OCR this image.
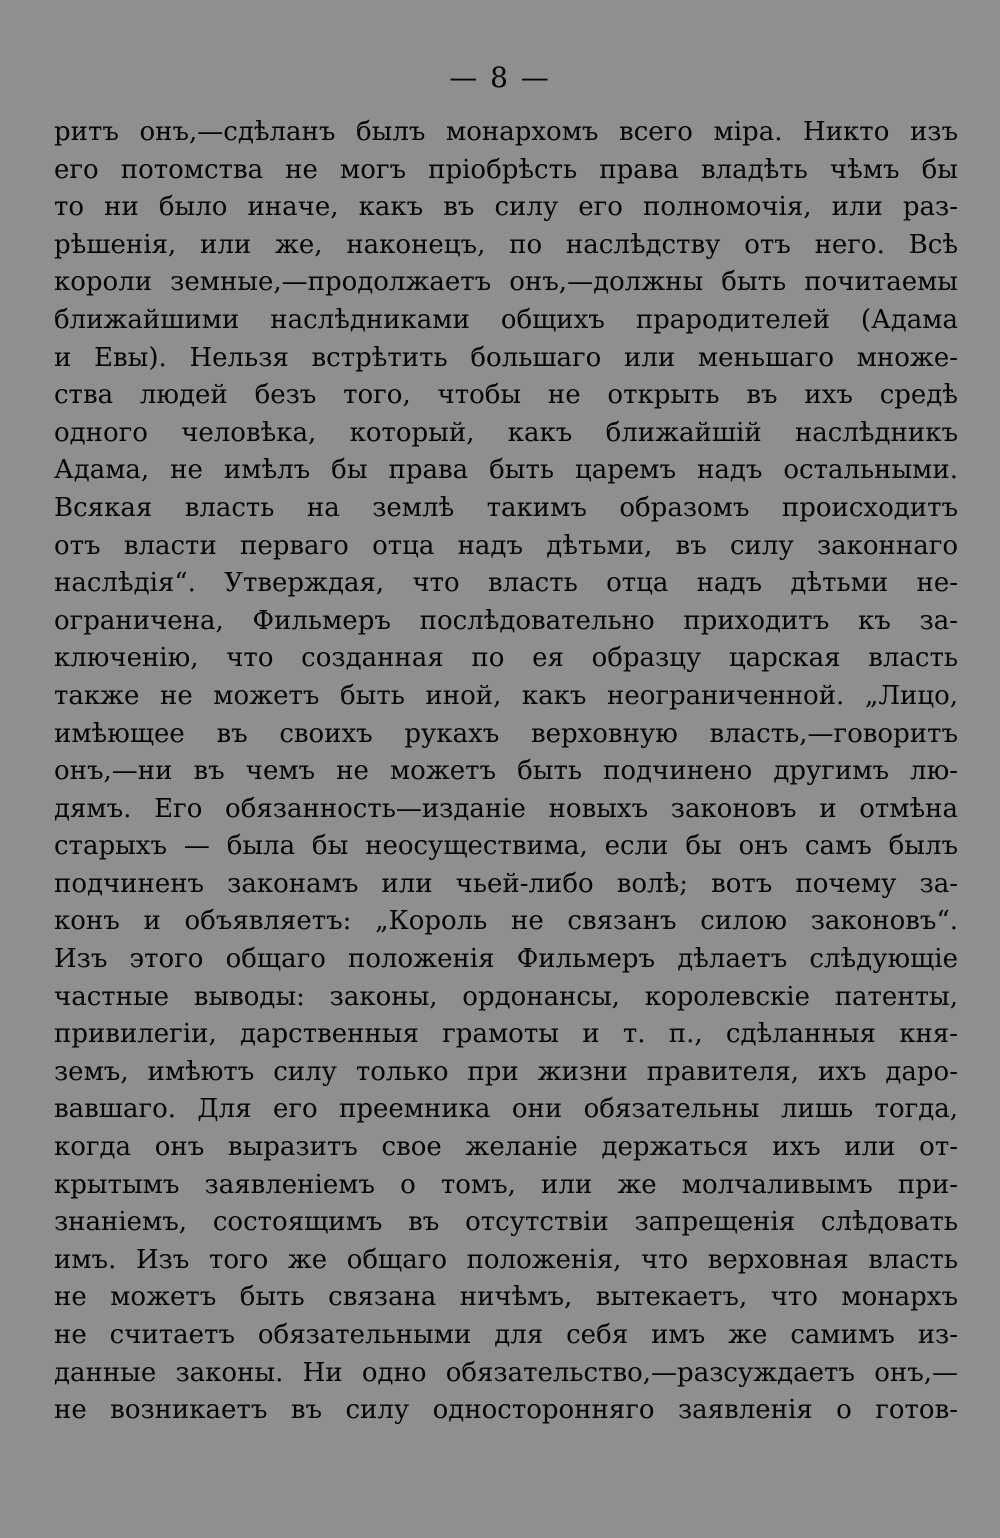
— 8 —
ритъ онъ,—сдѣланъ былъ монархомъ всего міра. Никто изъ
его потомства не могъ пріобрѣсть права владѣть чѣмъ бы
то ни было иначе, какъ въ силу его полномочія, или раз-
рѣшенія, или же, наконецъ, по наслѣдству отъ него. Всѣ
короли земные,—продолжаетъ онъ,—должны быть почитаемы
ближайшими наслѣдниками общихъ прародителей (Адама
и Евы). Нельзя встрѣтить большаго или меньшаго множе-
ства людей безъ того, чтобы не открыть въ ихъ средѣ
одного человѣка, который, какъ ближайшій наслѣдникъ
Адама, не имѣлъ бы права быть царемъ надъ остальными.
Всякая власть на землѣ такимъ образомъ происходитъ
отъ власти перваго отца надъ дѣтьми, въ силу законнаго
наслѣдія“. Утверждая, что власть отца надъ дѣтьми не-
ограничена, Фильмеръ послѣдовательно приходитъ къ за-
ключенію, что созданная по ея образцу царская власть
также не можетъ быть иной, какъ неограниченной. „Лицо,
имѣющее въ своихъ рукахъ верховную власть,—говоритъ
онъ,—ни въ чемъ не можетъ быть подчинено другимъ лю-
дямъ. Его обязанность—изданіе новыхъ законовъ и отмѣна
старыхъ — была бы неосуществима, если бы онъ самъ былъ
подчиненъ законамъ или чьей-либо волѣ; вотъ почему за-
конъ и объявляетъ: „Король не связанъ силою законовъ“.
Изъ этого общаго положенія Фильмеръ дѣлаетъ слѣдующіе
частные выводы: законы, ордонансы, королевскіе патенты,
привилегіи, дарственныя грамоты и т. п., сдѣланныя кня-
земъ, имѣютъ силу только при жизни правителя, ихъ даро-
вавшаго. Для его преемника они обязательны лишь тогда,
когда онъ выразитъ свое желаніе держаться ихъ или от-
крытымъ заявленіемъ о томъ, или же молчаливымъ при-
знаніемъ, состоящимъ въ отсутствіи запрещенія слѣдовать
имъ. Изъ того же общаго положенія, что верховная власть
не можетъ быть связана ничѣмъ, вытекаетъ, что монархъ
не считаетъ обязательными для себя имъ же самимъ из-
данные законы. Ни одно обязательство,—разсуждаетъ онъ,—
не возникаетъ въ силу односторонняго заявленія о готов-
